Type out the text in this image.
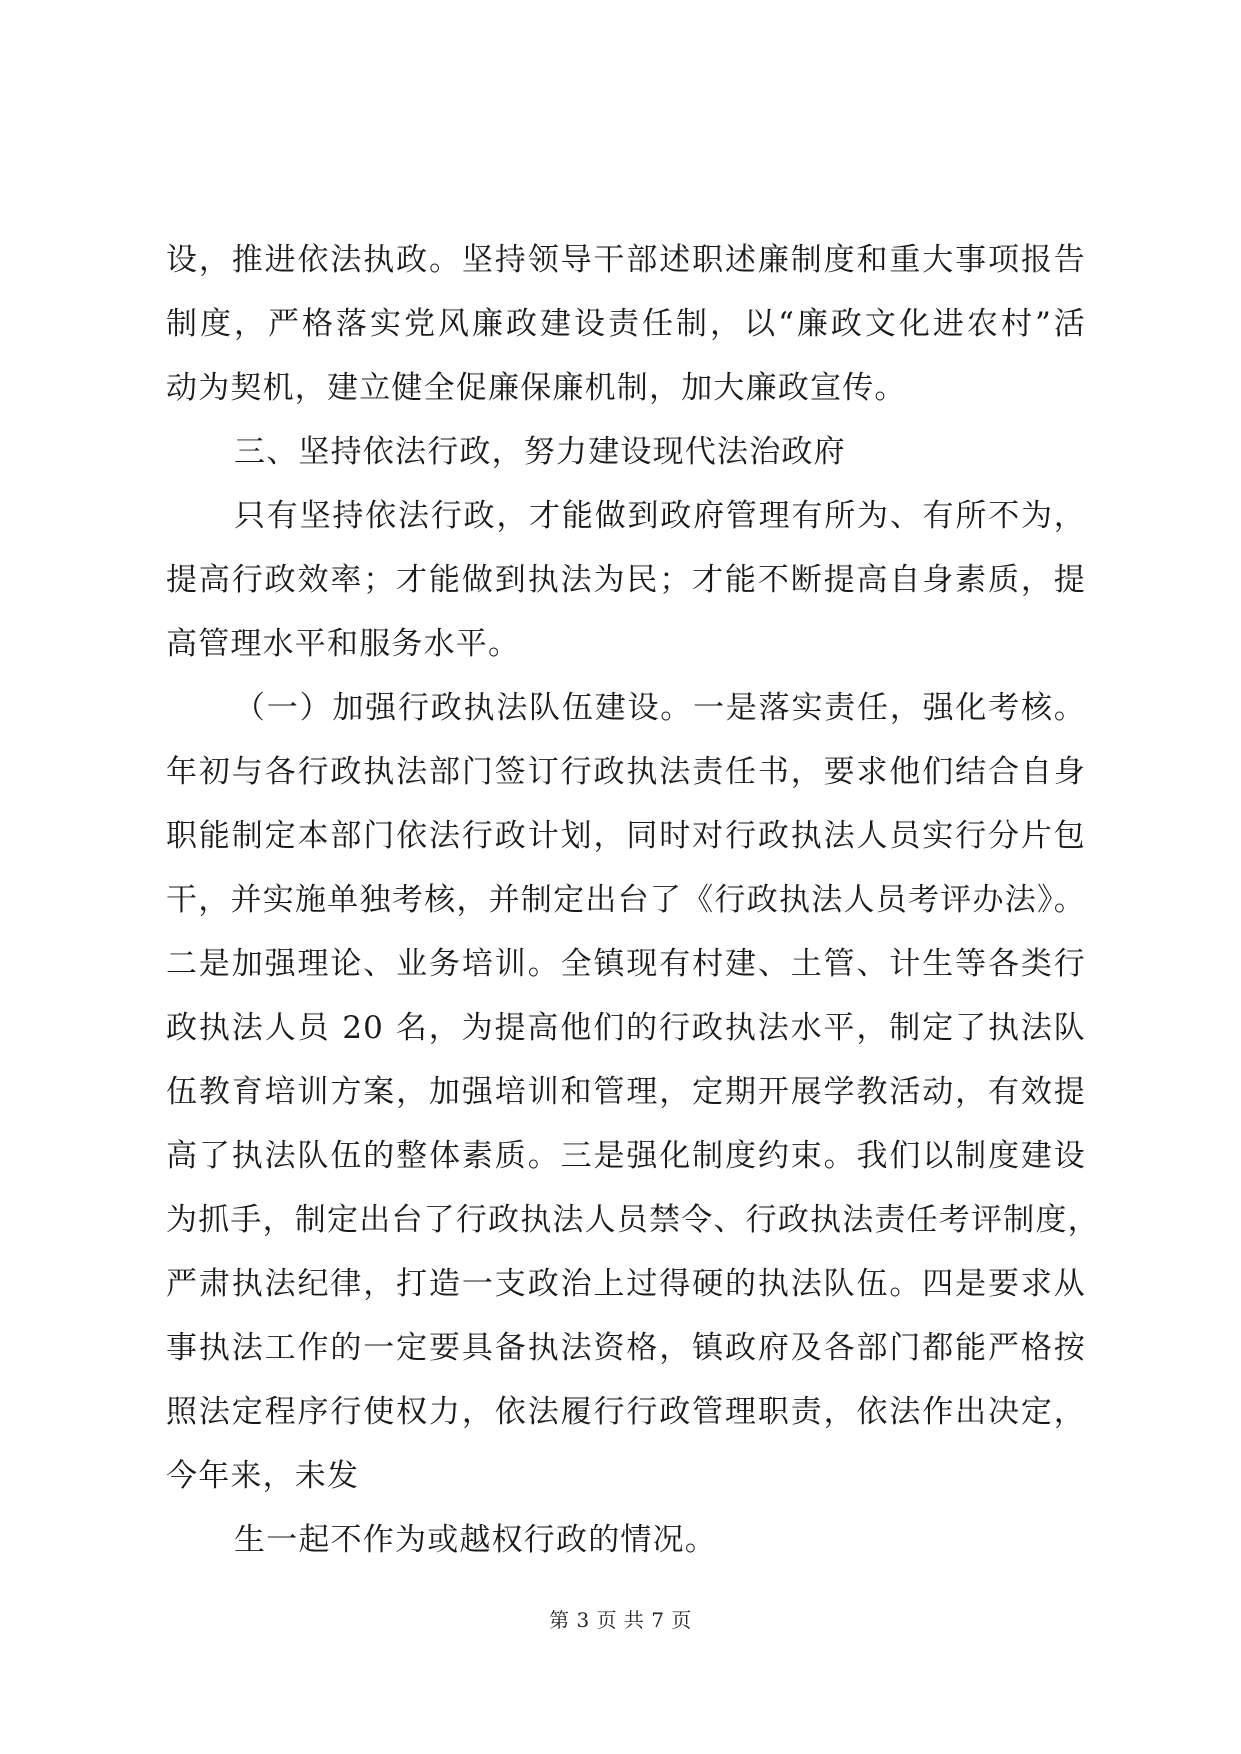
设，推进依法执政。坚持领导干部述职述廉制度和重大事项报告
制度，严格落实党风廉政建设责任制，以“廉政文化进农村”活
动为契机，建立健全促廉保廉机制，加大廉政宣传。
三、坚持依法行政，努力建设现代法治政府
只有坚持依法行政，才能做到政府管理有所为、有所不为，
提高行政效率；才能做到执法为民；才能不断提高自身素质，提
高管理水平和服务水平。
（一）加强行政执法队伍建设。一是落实责任，强化考核。
年初与各行政执法部门签订行政执法责任书，要求他们结合自身
职能制定本部门依法行政计划，同时对行政执法人员实行分片包
干，并实施单独考核，并制定出台了《行政执法人员考评办法》。
二是加强理论、业务培训。全镇现有村建、土管、计生等各类行
政执法人员 20 名，为提高他们的行政执法水平，制定了执法队
伍教育培训方案，加强培训和管理，定期开展学教活动，有效提
高了执法队伍的整体素质。三是强化制度约束。我们以制度建设
为抓手，制定出台了行政执法人员禁令、行政执法责任考评制度，
严肃执法纪律，打造一支政治上过得硬的执法队伍。四是要求从
事执法工作的一定要具备执法资格，镇政府及各部门都能严格按
照法定程序行使权力，依法履行行政管理职责，依法作出决定，
今年来，未发
生一起不作为或越权行政的情况。
第 3 页 共 7 页
